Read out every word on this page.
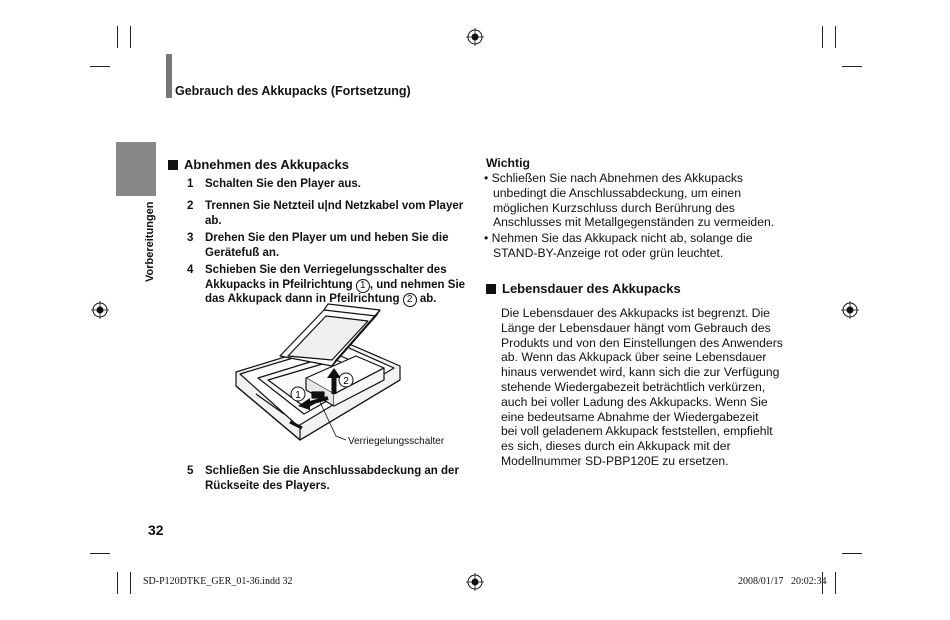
Gebrauch des Akkupacks (Fortsetzung)
Vorbereitungen
Abnehmen des Akkupacks
1 Schalten Sie den Player aus.
2 Trennen Sie Netzteil u|nd Netzkabel vom Player
ab.
3 Drehen Sie den Player um und heben Sie die
Gerätefuß an.
4 Schieben Sie den Verriegelungsschalter des
Akkupacks in Pfeilrichtung 1 , und nehmen Sie
das Akkupack dann in Pfeilrichtung 2 ab.
1
2
Verriegelungsschalter
5 Schließen Sie die Anschlussabdeckung an der
Rückseite des Players.
Wichtig
• Schließen Sie nach Abnehmen des Akkupacks
unbedingt die Anschlussabdeckung, um einen
möglichen Kurzschluss durch Berührung des
Anschlusses mit Metallgegenständen zu vermeiden.
• Nehmen Sie das Akkupack nicht ab, solange die
STAND-BY-Anzeige rot oder grün leuchtet.
Lebensdauer des Akkupacks
Die Lebensdauer des Akkupacks ist begrenzt. Die
Länge der Lebensdauer hängt vom Gebrauch des
Produkts und von den Einstellungen des Anwenders
ab. Wenn das Akkupack über seine Lebensdauer
hinaus verwendet wird, kann sich die zur Verfügung
stehende Wiedergabezeit beträchtlich verkürzen,
auch bei voller Ladung des Akkupacks. Wenn Sie
eine bedeutsame Abnahme der Wiedergabezeit
bei voll geladenem Akkupack feststellen, empfiehlt
es sich, dieses durch ein Akkupack mit der
Modellnummer SD-PBP120E zu ersetzen.
32
SD-P120DTKE_GER_01-36.indd 32	2008/01/17 20:02:34
